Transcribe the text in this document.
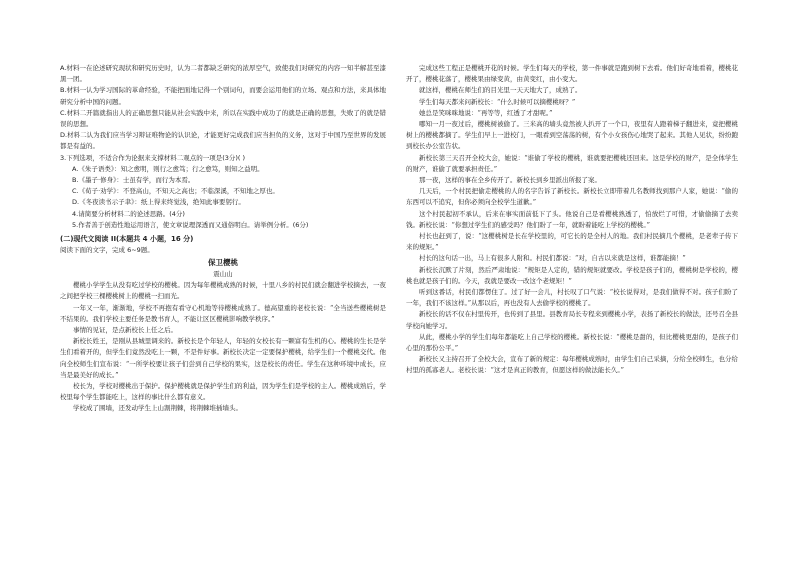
A.材料一在论述研究现状和研究历史时，认为二者都缺乏研究的浓厚空气，致使我们对研究的内容一知半解甚至漆黑一团。

B.材料一认为学习国际的革命经验，不能把面地记得一个别词句，而要会运用他们的立场、观点和方法，来具体地研究分析中国的问题。

C.材料二开篇就指出人的正确思想只能从社会实践中来，所以在实践中成功了的就是正确的思想，失败了的就是错误的思想。

D.材料二认为我们应当学习辩证唯物论的认识论，才能更好完成我们应当担负的义务，这对于中国乃至世界的发展都是有益的。

3.下列选项，不适合作为论据来支撑材料二观点的一项是(3分)( )

A.《朱子语类》：知之愈明，则行之愈笃；行之愈笃，则知之益明。

B.《墨子·修身》：士虽有学，而行为本焉。

C.《荀子·劝学》：不登高山，不知天之高也；不临深溪，不知地之厚也。

D.《冬夜读书示子聿》：纸上得来终觉浅，绝知此事要躬行。

4.请简要分析材料二的论述思路。(4分)

5.作者善于创造性地运用语言，使文章说理深透而又通俗明白。请举例分析。(6分)

(二)现代文阅读 II(本题共 4 小题，16 分)

阅读下面的文字，完成 6~9题。

保卫樱桃

震山山

樱桃小学学生从没有吃过学校的樱桃。因为每年樱桃成熟的时候，十里八乡的村民们就会翻进学校摘去，一夜之间把学校三棵樱桃树上的樱桃一扫而光。

一年又一年，渐渐地，学校不再抱有看守心机地等待樱桃成熟了。德高望重的老校长说：“全当送些樱桃树是不结果的。我们学校主要任务是教书育人，不能让区区樱桃影响教学秩序。”

事情的见证，是点新校长上任之后。

新校长姓王，是刚从县城里调来的。新校长是个年轻人，年轻的女校长有一颗富有生机的心。樱桃的生长是学生们看着开的，但学生们竟然没吃上一颗，不是件好事。新校长决定一定要保护樱桃，给学生们一个樱桃交代。他向全校师生们宣布说：“一所学校要让孩子们尝到自己学校的果实，这是校长的责任。学生在这种环境中成长，应当是最美好的成长。”

校长为，学校对樱桃出于保护。保护樱桃就是保护学生们的利益，因为学生们是学校的主人。樱桃成熟后，学校里每个学生都能吃上，这样的事比什么都有意义。

学校成了围墙，还发动学生上山割荆棘，将荆棘堆插墙头。

完成这些工程正是樱桃开花的时候。学生们每天的学校，第一件事就是跑到树下去看。他们好奇地看着，樱桃花开了，樱桃花落了，樱桃果由绿变黄，由黄变红，由小变大。

就这样，樱桃在师生们的目光里一天天地大了，成熟了。

学生们每天都来问新校长：“什么时候可以摘樱桃呀？”

她总是笑咪咪地说：“再等等，红透了才甜呢。”

哪知一月一夜过后，樱桃树被偷了。三米高的墙头竟然被人扒开了一个口，夜里有人蹬着梯子翻进来，竟把樱桃树上的樱桃都摘了。学生们早上一进校门，一眼看到空荡荡的树，有个小女孩伤心地哭了起来。其他人见状，纷纷跑到校长办公室告状。

新校长第三天召开全校大会，她说：“谁偷了学校的樱桃，谁就要把樱桃还回来。这是学校的财产，是全体学生的财产，谁偷了就要承担责任。”

那一夜，这样的事在全乡传开了。新校长到乡里派出所报了案。

几天后，一个村民把偷走樱桃的人的名字告诉了新校长。新校长立即带着几名教师找到那户人家，她说：“偷的东西可以不追究，但你必须向全校学生道歉。”

这个村民起初不承认，后来在事实面前低下了头。他说自己是看樱桃熟透了，怕放烂了可惜，才偷偷摘了去卖钱。新校长说：“你想过学生们的感受吗？他们盼了一年，就盼着能吃上学校的樱桃。”

村长也赶到了，说：“这樱桃树是长在学校里的，可它长的是全村人的地。我们村民摘几个樱桃，是老辈子传下来的规矩。”

村长的这句话一出，马上有很多人附和。村民们都说：“对，自古以来就是这样，谁都能摘！”

新校长沉默了片刻，然后严肃地说：“规矩是人定的，错的规矩就要改。学校是孩子们的，樱桃树是学校的，樱桃也就是孩子们的。今天，我就是要改一改这个老规矩！”

听到这番话，村民们都愣住了。过了好一会儿，村长叹了口气说：“校长说得对，是我们做得不对。孩子们盼了一年，我们不该这样。”从那以后，再也没有人去偷学校的樱桃了。

新校长的话不仅在村里传开，也传到了县里。县教育局长专程来到樱桃小学，表扬了新校长的做法，还号召全县学校向她学习。

从此，樱桃小学的学生们每年都能吃上自己学校的樱桃。新校长说：“樱桃是甜的，但比樱桃更甜的，是孩子们心里的那份公平。”

新校长又主持召开了全校大会，宣布了新的规定：每年樱桃成熟时，由学生们自己采摘，分给全校师生，也分给村里的孤寡老人。老校长说：“这才是真正的教育，但愿这样的做法能长久。”
